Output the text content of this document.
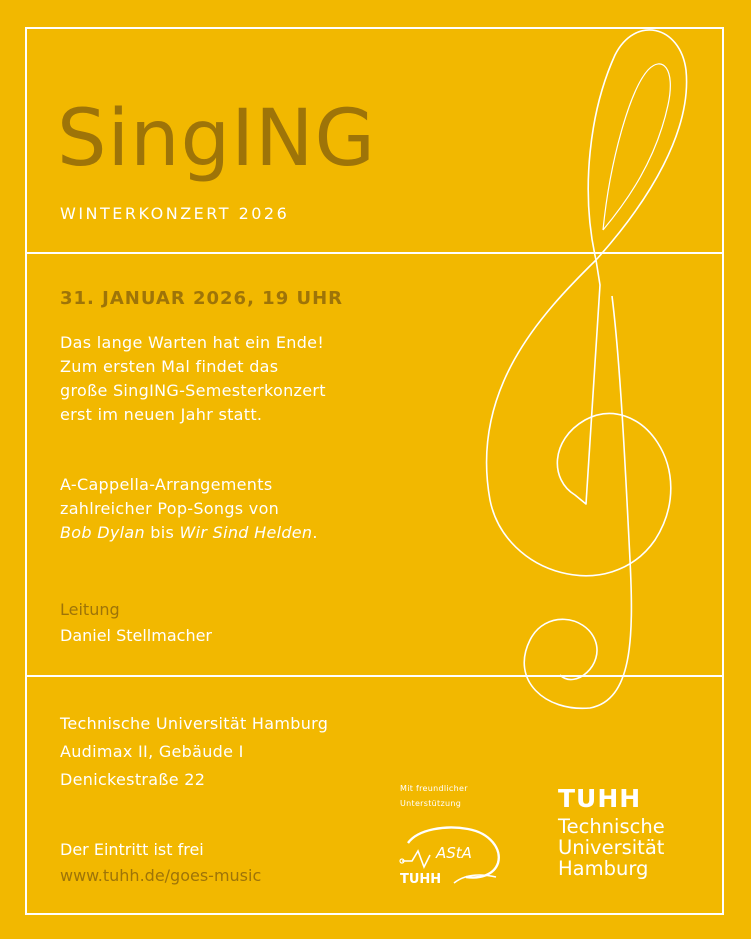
SingING
WINTERKONZERT 2026
31. JANUAR 2026, 19 UHR

Das lange Warten hat ein Ende!
Zum ersten Mal findet das
große SingING-Semesterkonzert
erst im neuen Jahr statt.

A-Cappella-Arrangements
zahlreicher Pop-Songs von
Bob Dylan bis Wir Sind Helden.

Leitung
Daniel Stellmacher

Technische Universität Hamburg
Audimax II, Gebäude I
Denickestraße 22

Der Eintritt ist frei
www.tuhh.de/goes-music
Mit freundlicher
Unterstützung
AStA
TUHH
TUHH
Technische
Universität
Hamburg
